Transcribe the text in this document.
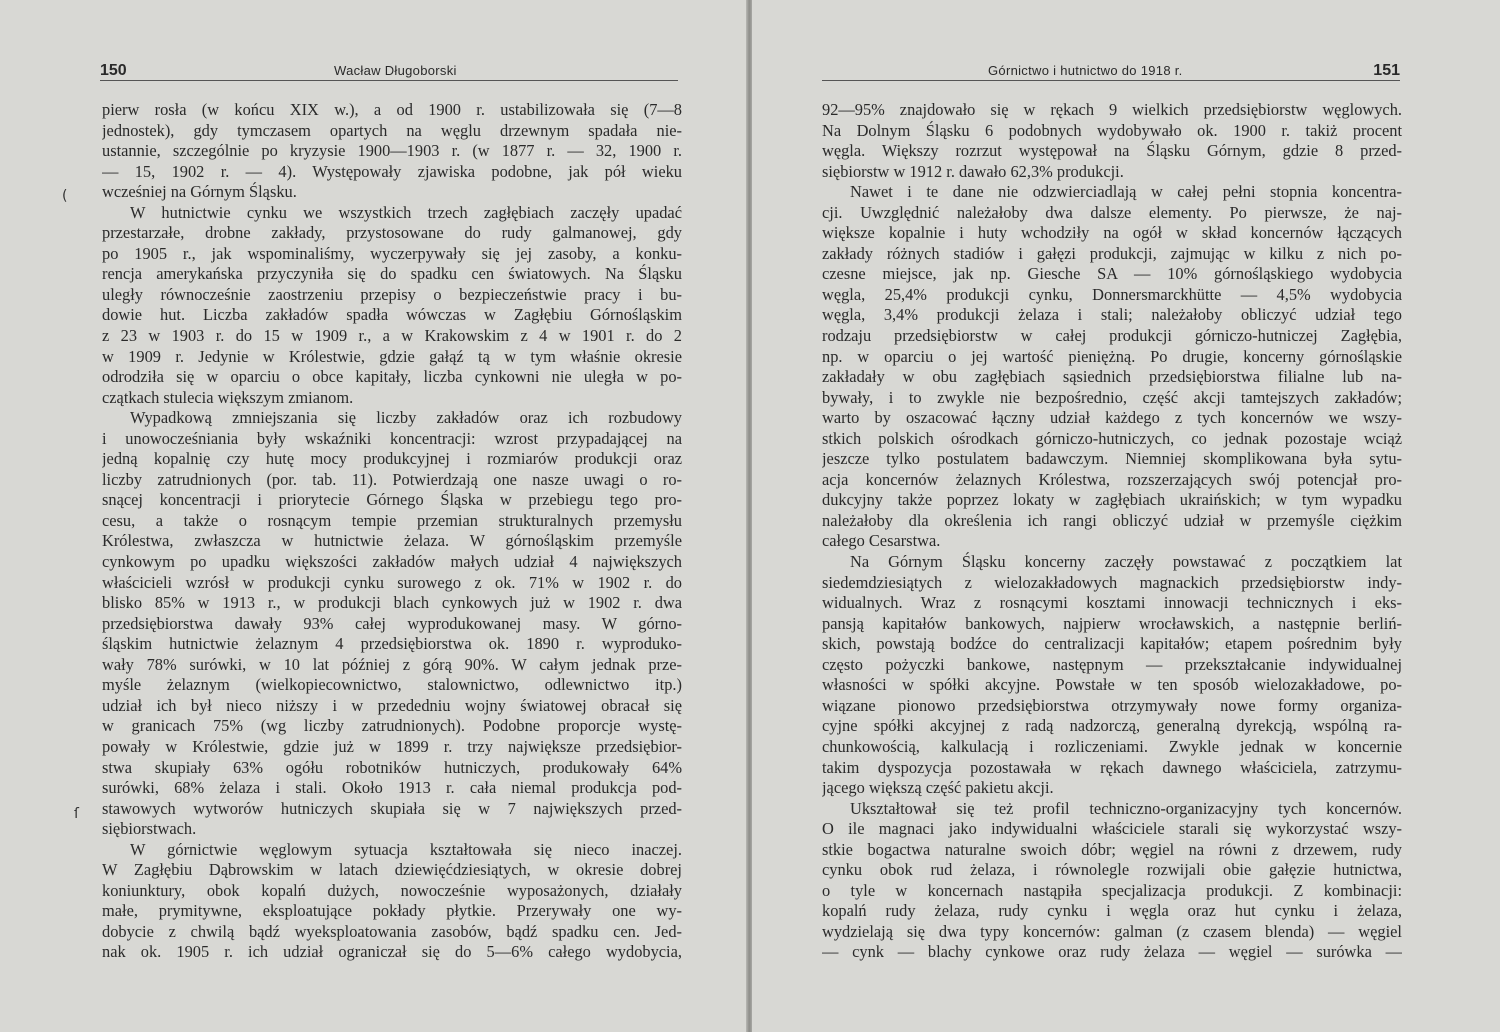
150	Wacław Długoborski
pierw rosła (w końcu XIX w.), a od 1900 r. ustabilizowała się (7—8
jednostek), gdy tymczasem opartych na węglu drzewnym spadała nie-
ustannie, szczególnie po kryzysie 1900—1903 r. (w 1877 r. — 32, 1900 r.
— 15, 1902 r. — 4). Występowały zjawiska podobne, jak pół wieku
wcześniej na Górnym Śląsku.
W hutnictwie cynku we wszystkich trzech zagłębiach zaczęły upadać
przestarzałe, drobne zakłady, przystosowane do rudy galmanowej, gdy
po 1905 r., jak wspominaliśmy, wyczerpywały się jej zasoby, a konku-
rencja amerykańska przyczyniła się do spadku cen światowych. Na Śląsku
uległy równocześnie zaostrzeniu przepisy o bezpieczeństwie pracy i bu-
dowie hut. Liczba zakładów spadła wówczas w Zagłębiu Górnośląskim
z 23 w 1903 r. do 15 w 1909 r., a w Krakowskim z 4 w 1901 r. do 2
w 1909 r. Jedynie w Królestwie, gdzie gałąź tą w tym właśnie okresie
odrodziła się w oparciu o obce kapitały, liczba cynkowni nie uległa w po-
czątkach stulecia większym zmianom.
Wypadkową zmniejszania się liczby zakładów oraz ich rozbudowy
i unowocześniania były wskaźniki koncentracji: wzrost przypadającej na
jedną kopalnię czy hutę mocy produkcyjnej i rozmiarów produkcji oraz
liczby zatrudnionych (por. tab. 11). Potwierdzają one nasze uwagi o ro-
snącej koncentracji i priorytecie Górnego Śląska w przebiegu tego pro-
cesu, a także o rosnącym tempie przemian strukturalnych przemysłu
Królestwa, zwłaszcza w hutnictwie żelaza. W górnośląskim przemyśle
cynkowym po upadku większości zakładów małych udział 4 największych
właścicieli wzrósł w produkcji cynku surowego z ok. 71% w 1902 r. do
blisko 85% w 1913 r., w produkcji blach cynkowych już w 1902 r. dwa
przedsiębiorstwa dawały 93% całej wyprodukowanej masy. W górno-
śląskim hutnictwie żelaznym 4 przedsiębiorstwa ok. 1890 r. wyproduko-
wały 78% surówki, w 10 lat później z górą 90%. W całym jednak prze-
myśle żelaznym (wielkopiecownictwo, stalownictwo, odlewnictwo itp.)
udział ich był nieco niższy i w przededniu wojny światowej obracał się
w granicach 75% (wg liczby zatrudnionych). Podobne proporcje wystę-
powały w Królestwie, gdzie już w 1899 r. trzy największe przedsiębior-
stwa skupiały 63% ogółu robotników hutniczych, produkowały 64%
surówki, 68% żelaza i stali. Około 1913 r. cała niemal produkcja pod-
stawowych wytworów hutniczych skupiała się w 7 największych przed-
siębiorstwach.
W górnictwie węglowym sytuacja kształtowała się nieco inaczej.
W Zagłębiu Dąbrowskim w latach dziewięćdziesiątych, w okresie dobrej
koniunktury, obok kopalń dużych, nowocześnie wyposażonych, działały
małe, prymitywne, eksploatujące pokłady płytkie. Przerywały one wy-
dobycie z chwilą bądź wyeksploatowania zasobów, bądź spadku cen. Jed-
nak ok. 1905 r. ich udział ograniczał się do 5—6% całego wydobycia,
(
ſ
Górnictwo i hutnictwo do 1918 r.	151
92—95% znajdowało się w rękach 9 wielkich przedsiębiorstw węglowych.
Na Dolnym Śląsku 6 podobnych wydobywało ok. 1900 r. takiż procent
węgla. Większy rozrzut występował na Śląsku Górnym, gdzie 8 przed-
siębiorstw w 1912 r. dawało 62,3% produkcji.
Nawet i te dane nie odzwierciadlają w całej pełni stopnia koncentra-
cji. Uwzględnić należałoby dwa dalsze elementy. Po pierwsze, że naj-
większe kopalnie i huty wchodziły na ogół w skład koncernów łączących
zakłady różnych stadiów i gałęzi produkcji, zajmując w kilku z nich po-
czesne miejsce, jak np. Giesche SA — 10% górnośląskiego wydobycia
węgla, 25,4% produkcji cynku, Donnersmarckhütte — 4,5% wydobycia
węgla, 3,4% produkcji żelaza i stali; należałoby obliczyć udział tego
rodzaju przedsiębiorstw w całej produkcji górniczo-hutniczej Zagłębia,
np. w oparciu o jej wartość pieniężną. Po drugie, koncerny górnośląskie
zakładały w obu zagłębiach sąsiednich przedsiębiorstwa filialne lub na-
bywały, i to zwykle nie bezpośrednio, część akcji tamtejszych zakładów;
warto by oszacować łączny udział każdego z tych koncernów we wszy-
stkich polskich ośrodkach górniczo-hutniczych, co jednak pozostaje wciąż
jeszcze tylko postulatem badawczym. Niemniej skomplikowana była sytu-
acja koncernów żelaznych Królestwa, rozszerzających swój potencjał pro-
dukcyjny także poprzez lokaty w zagłębiach ukraińskich; w tym wypadku
należałoby dla określenia ich rangi obliczyć udział w przemyśle ciężkim
całego Cesarstwa.
Na Górnym Śląsku koncerny zaczęły powstawać z początkiem lat
siedemdziesiątych z wielozakładowych magnackich przedsiębiorstw indy-
widualnych. Wraz z rosnącymi kosztami innowacji technicznych i eks-
pansją kapitałów bankowych, najpierw wrocławskich, a następnie berliń-
skich, powstają bodźce do centralizacji kapitałów; etapem pośrednim były
często pożyczki bankowe, następnym — przekształcanie indywidualnej
własności w spółki akcyjne. Powstałe w ten sposób wielozakładowe, po-
wiązane pionowo przedsiębiorstwa otrzymywały nowe formy organiza-
cyjne spółki akcyjnej z radą nadzorczą, generalną dyrekcją, wspólną ra-
chunkowością, kalkulacją i rozliczeniami. Zwykle jednak w koncernie
takim dyspozycja pozostawała w rękach dawnego właściciela, zatrzymu-
jącego większą część pakietu akcji.
Ukształtował się też profil techniczno-organizacyjny tych koncernów.
O ile magnaci jako indywidualni właściciele starali się wykorzystać wszy-
stkie bogactwa naturalne swoich dóbr; węgiel na równi z drzewem, rudy
cynku obok rud żelaza, i równolegle rozwijali obie gałęzie hutnictwa,
o tyle w koncernach nastąpiła specjalizacja produkcji. Z kombinacji:
kopalń rudy żelaza, rudy cynku i węgla oraz hut cynku i żelaza,
wydzielają się dwa typy koncernów: galman (z czasem blenda) — węgiel
— cynk — blachy cynkowe oraz rudy żelaza — węgiel — surówka —
